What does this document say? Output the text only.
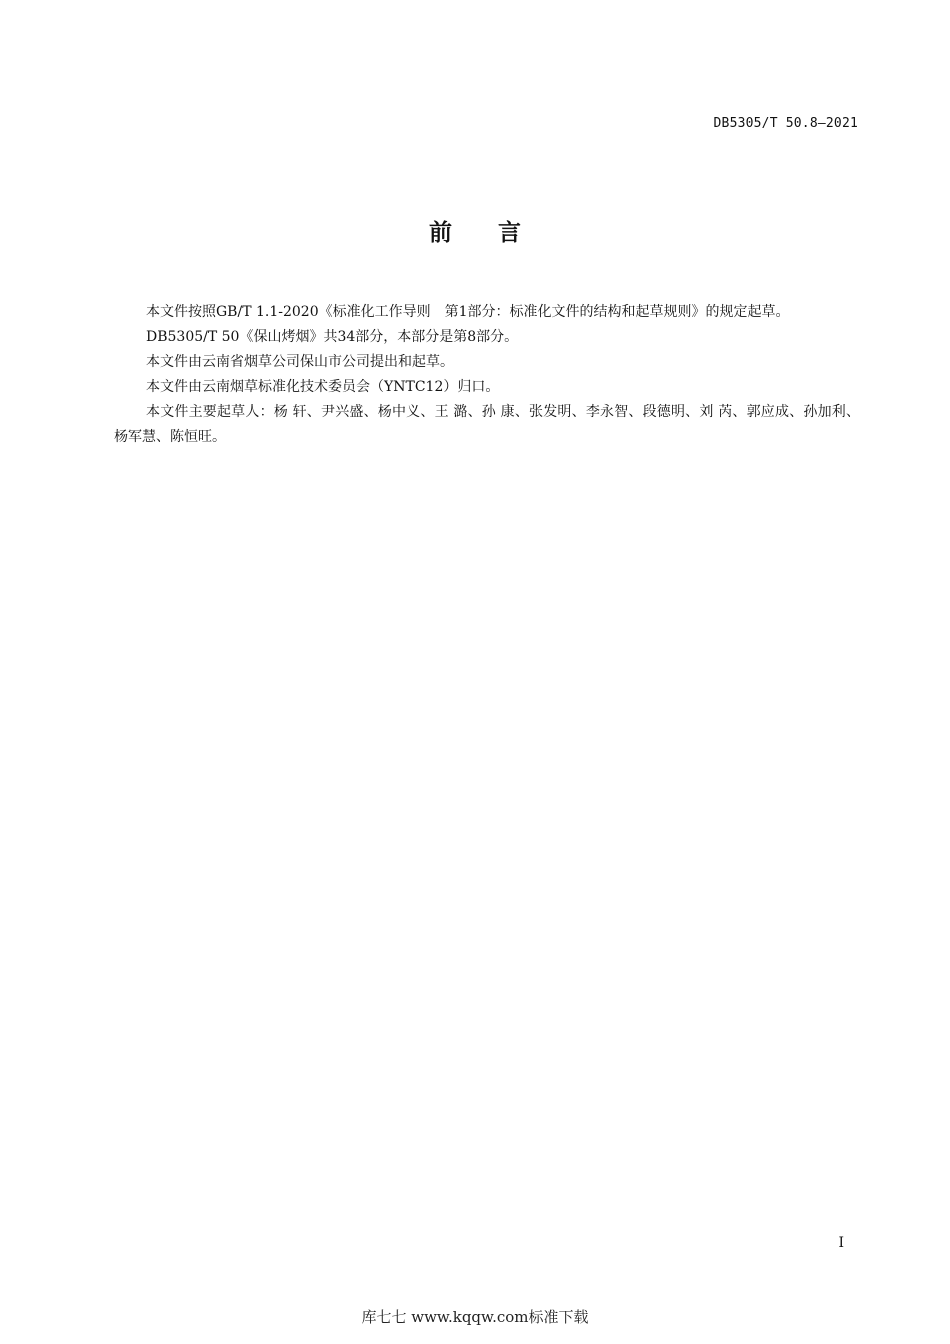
DB5305/T 50.8—2021
前言

本文件按照GB/T 1.1-2020《标准化工作导则　第1部分：标准化文件的结构和起草规则》的规定起草。

DB5305/T 50《保山烤烟》共34部分，本部分是第8部分。

本文件由云南省烟草公司保山市公司提出和起草。

本文件由云南烟草标准化技术委员会（YNTC12）归口。

本文件主要起草人：杨 轩、尹兴盛、杨中义、王 潞、孙 康、张发明、李永智、段德明、刘 芮、郭应成、孙加利、杨军慧、陈恒旺。

I
库七七 www.kqqw.com标准下载
